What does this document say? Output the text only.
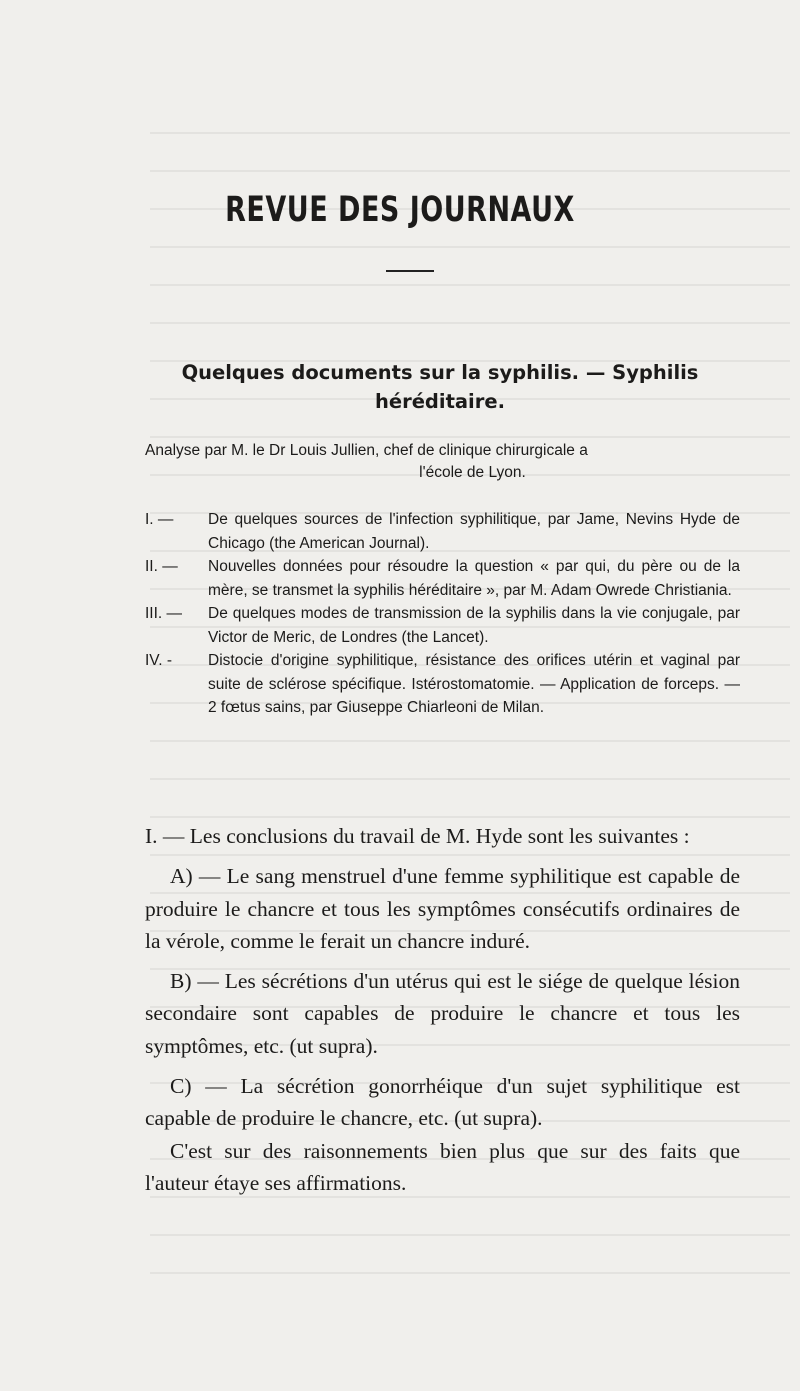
REVUE DES JOURNAUX
Quelques documents sur la syphilis. — Syphilis héréditaire.
Analyse par M. le Dr Louis Jullien, chef de clinique chirurgicale a
l'école de Lyon.

I. —	De quelques sources de l'infection syphilitique, par Jame, Nevins Hyde de Chicago (the American Journal).

II. —	Nouvelles données pour résoudre la question « par qui, du père ou de la mère, se transmet la syphilis héréditaire », par M. Adam Owrede Christiania.

III. —	De quelques modes de transmission de la syphilis dans la vie conjugale, par Victor de Meric, de Londres (the Lancet).

IV. -	Distocie d'origine syphilitique, résistance des orifices utérin et vaginal par suite de sclérose spécifique. Istérostomatomie. — Application de forceps. — 2 fœtus sains, par Giuseppe Chiarleoni de Milan.

I. — Les conclusions du travail de M. Hyde sont les suivantes :

A) — Le sang menstruel d'une femme syphilitique est capable de produire le chancre et tous les symptômes consécutifs ordinaires de la vérole, comme le ferait un chancre induré.

B) — Les sécrétions d'un utérus qui est le siége de quelque lésion secondaire sont capables de produire le chancre et tous les symptômes, etc. (ut supra).

C) — La sécrétion gonorrhéique d'un sujet syphilitique est capable de produire le chancre, etc. (ut supra).

C'est sur des raisonnements bien plus que sur des faits que l'auteur étaye ses affirmations.
